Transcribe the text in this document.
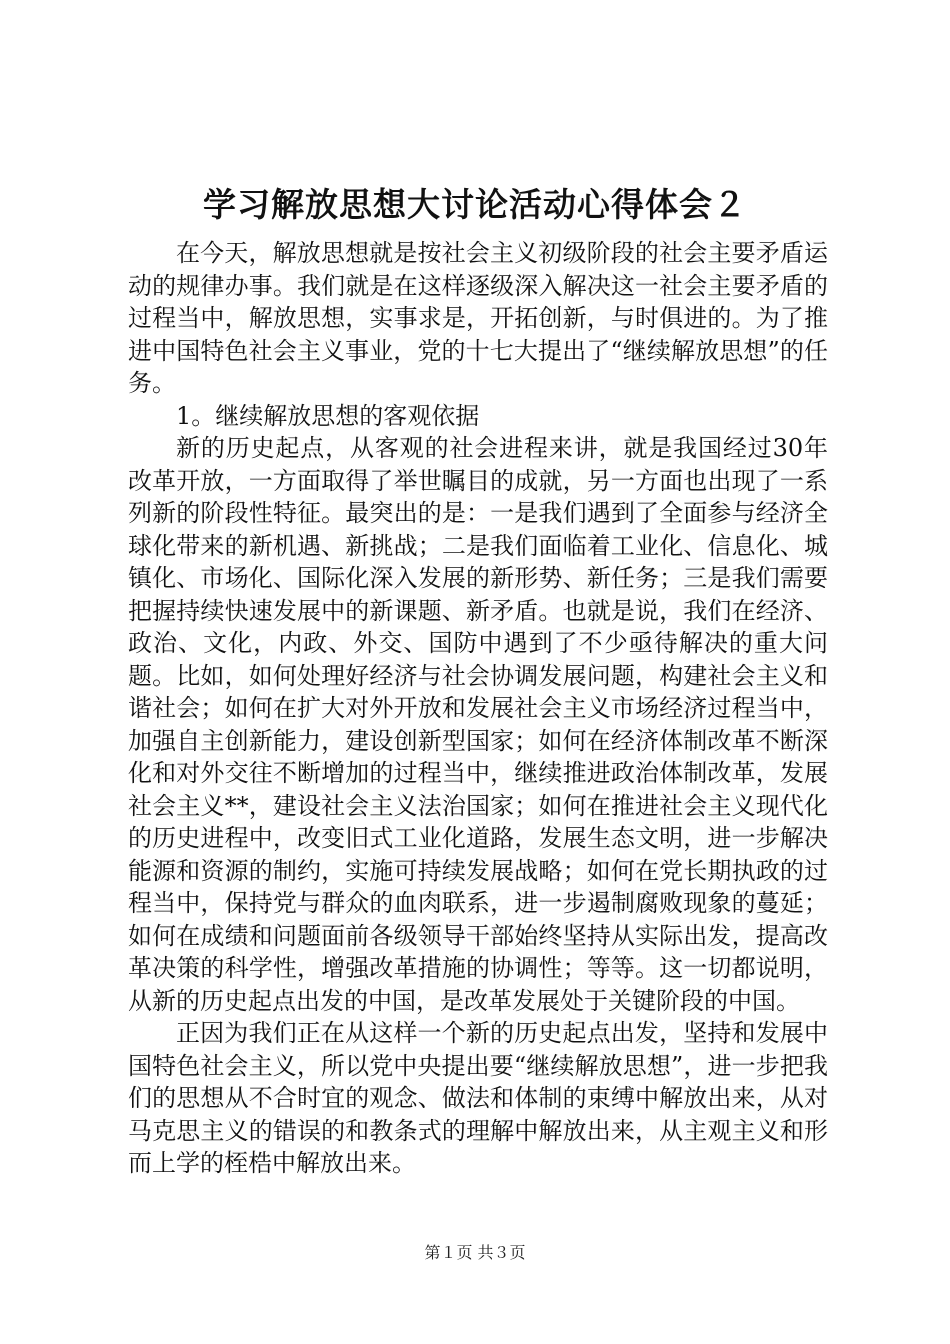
学习解放思想大讨论活动心得体会２

在今天，解放思想就是按社会主义初级阶段的社会主要矛盾运动的规律办事。我们就是在这样逐级深入解决这一社会主要矛盾的过程当中，解放思想，实事求是，开拓创新，与时俱进的。为了推进中国特色社会主义事业，党的十七大提出了“继续解放思想”的任务。

1。继续解放思想的客观依据

新的历史起点，从客观的社会进程来讲，就是我国经过30年改革开放，一方面取得了举世瞩目的成就，另一方面也出现了一系列新的阶段性特征。最突出的是：一是我们遇到了全面参与经济全球化带来的新机遇、新挑战；二是我们面临着工业化、信息化、城镇化、市场化、国际化深入发展的新形势、新任务；三是我们需要把握持续快速发展中的新课题、新矛盾。也就是说，我们在经济、政治、文化，内政、外交、国防中遇到了不少亟待解决的重大问题。比如，如何处理好经济与社会协调发展问题，构建社会主义和谐社会；如何在扩大对外开放和发展社会主义市场经济过程当中，加强自主创新能力，建设创新型国家；如何在经济体制改革不断深化和对外交往不断增加的过程当中，继续推进政治体制改革，发展社会主义**，建设社会主义法治国家；如何在推进社会主义现代化的历史进程中，改变旧式工业化道路，发展生态文明，进一步解决能源和资源的制约，实施可持续发展战略；如何在党长期执政的过程当中，保持党与群众的血肉联系，进一步遏制腐败现象的蔓延；如何在成绩和问题面前各级领导干部始终坚持从实际出发，提高改革决策的科学性，增强改革措施的协调性；等等。这一切都说明，从新的历史起点出发的中国，是改革发展处于关键阶段的中国。

正因为我们正在从这样一个新的历史起点出发，坚持和发展中国特色社会主义，所以党中央提出要“继续解放思想”，进一步把我们的思想从不合时宜的观念、做法和体制的束缚中解放出来，从对马克思主义的错误的和教条式的理解中解放出来，从主观主义和形而上学的桎梏中解放出来。

第１页 共３页
